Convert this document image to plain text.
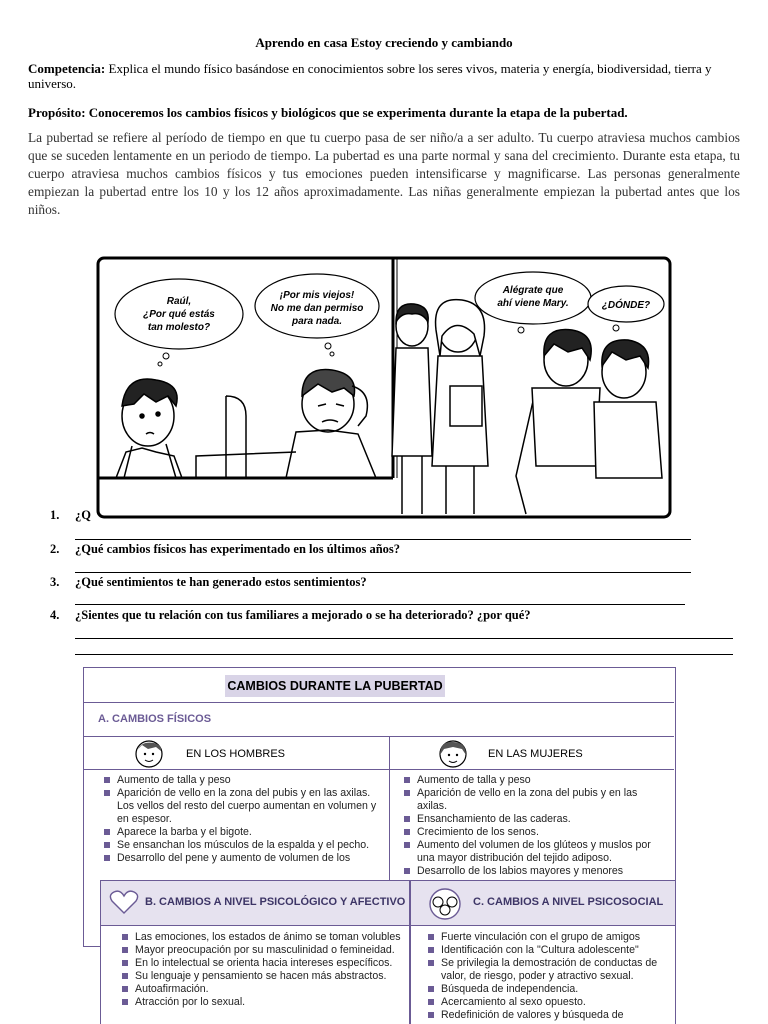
Aprendo en casa Estoy creciendo y cambiando
Competencia: Explica el mundo físico basándose en conocimientos sobre los seres vivos, materia y energía, biodiversidad, tierra y universo.
Propósito: Conoceremos los cambios físicos y biológicos que se experimenta durante la etapa de la pubertad.
La pubertad se refiere al período de tiempo en que tu cuerpo pasa de ser niño/a a ser adulto. Tu cuerpo atraviesa muchos cambios que se suceden lentamente en un periodo de tiempo. La pubertad es una parte normal y sana del crecimiento. Durante esta etapa, tu cuerpo atraviesa muchos cambios físicos y tus emociones pueden intensificarse y magnificarse. Las personas generalmente empiezan la pubertad entre los 10 y los 12 años aproximadamente. Las niñas generalmente empiezan la pubertad antes que los niños.
Raúl,
¿Por qué estás
tan molesto?
¡Por mis viejos!
No me dan permiso
para nada.
Alégrate que
ahí viene Mary.	¿DÓNDE?
1.	¿Q
2.	¿Qué cambios físicos has experimentado en los últimos años?
3.	¿Qué sentimientos te han generado estos sentimientos?
4.	¿Sientes que tu relación con tus familiares a mejorado o se ha deteriorado? ¿por qué?
CAMBIOS DURANTE LA PUBERTAD
A. CAMBIOS FÍSICOS
EN LOS HOMBRES	EN LAS MUJERES
Aumento de talla y peso
Aparición de vello en la zona del pubis y en las axilas. Los vellos del resto del cuerpo aumentan en volumen y en espesor.
Aparece la barba y el bigote.
Se ensanchan los músculos de la espalda y el pecho.
Desarrollo del pene y aumento de volumen de los
Aumento de talla y peso
Aparición de vello en la zona del pubis y en las axilas.
Ensanchamiento de las caderas.
Crecimiento de los senos.
Aumento del volumen de los glúteos y muslos por una mayor distribución del tejido adiposo.
Desarrollo de los labios mayores y menores
B. CAMBIOS A NIVEL PSICOLÓGICO Y AFECTIVO
Las emociones, los estados de ánimo se toman volubles
Mayor preocupación por su masculinidad o femineidad.
En lo intelectual se orienta hacia intereses específicos.
Su lenguaje y pensamiento se hacen más abstractos.
Autoafirmación.
Atracción por lo sexual.
C. CAMBIOS A NIVEL PSICOSOCIAL
Fuerte vinculación con el grupo de amigos
Identificación con la "Cultura adolescente"
Se privilegia la demostración de conductas de valor, de riesgo, poder y atractivo sexual.
Búsqueda de independencia.
Acercamiento al sexo opuesto.
Redefinición de valores y búsqueda de
